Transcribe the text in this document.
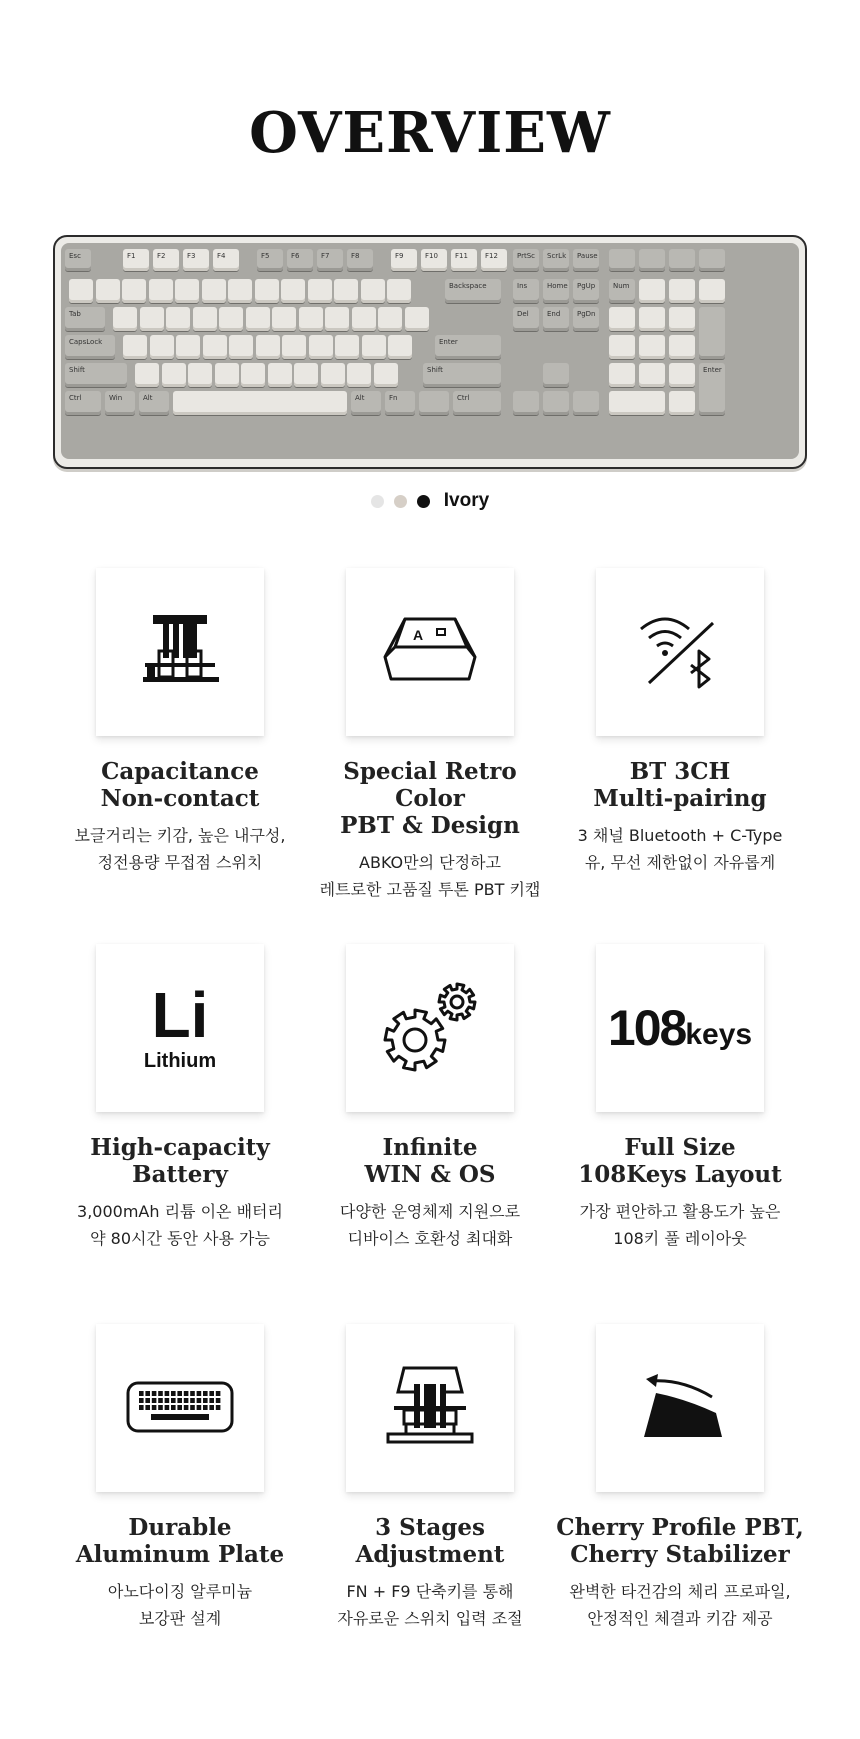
OVERVIEW
Esc	F1	F2	F3	F4	F5	F6	F7	F8	F9	F10	F11	F12	PrtSc	ScrLk	Pause
Backspace
Tab
CapsLock	Enter
Shift	Shift
Ctrl	Win	Alt	Alt	Fn	Ctrl
Ins	Home	PgUp
Del	End	PgDn
Num
Enter
Ivory
Capacitance
Non-contact
보글거리는 키감, 높은 내구성,
정전용량 무접점 스위치
A
Special Retro Color
PBT & Design
ABKO만의 단정하고
레트로한 고품질 투톤 PBT 키캡
BT 3CH
Multi-pairing
3 채널 Bluetooth + C-Type
유, 무선 제한없이 자유롭게
Li
Lithium
High-capacity
Battery
3,000mAh 리튬 이온 배터리
약 80시간 동안 사용 가능
Infinite
WIN & OS
다양한 운영체제 지원으로
디바이스 호환성 최대화
108 keys
Full Size
108Keys Layout
가장 편안하고 활용도가 높은
108키 풀 레이아웃
Durable
Aluminum Plate
아노다이징 알루미늄
보강판 설계
3 Stages
Adjustment
FN + F9 단축키를 통해
자유로운 스위치 입력 조절
Cherry Profile PBT,
Cherry Stabilizer
완벽한 타건감의 체리 프로파일,
안정적인 체결과 키감 제공
